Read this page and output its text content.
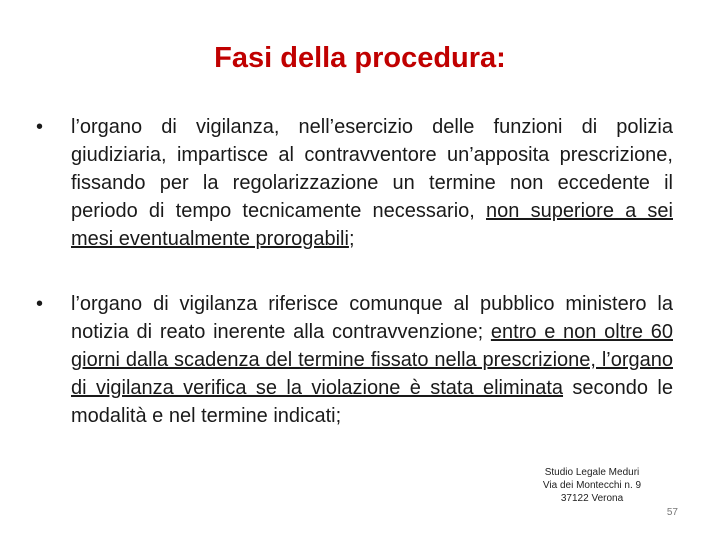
Fasi della procedura:
•	l’organo di vigilanza, nell’esercizio delle funzioni di polizia giudiziaria, impartisce al contravventore un’apposita prescrizione, fissando per la regolarizzazione un termine non eccedente il periodo di tempo tecnicamente necessario, non superiore a sei mesi eventualmente prorogabili;
•	l’organo di vigilanza riferisce comunque al pubblico ministero la notizia di reato inerente alla contravvenzione; entro e non oltre 60 giorni dalla scadenza del termine fissato nella prescrizione, l’organo di vigilanza verifica se la violazione è stata eliminata secondo le modalità e nel termine indicati;
Studio Legale Meduri
Via dei Montecchi n. 9
37122 Verona
57
